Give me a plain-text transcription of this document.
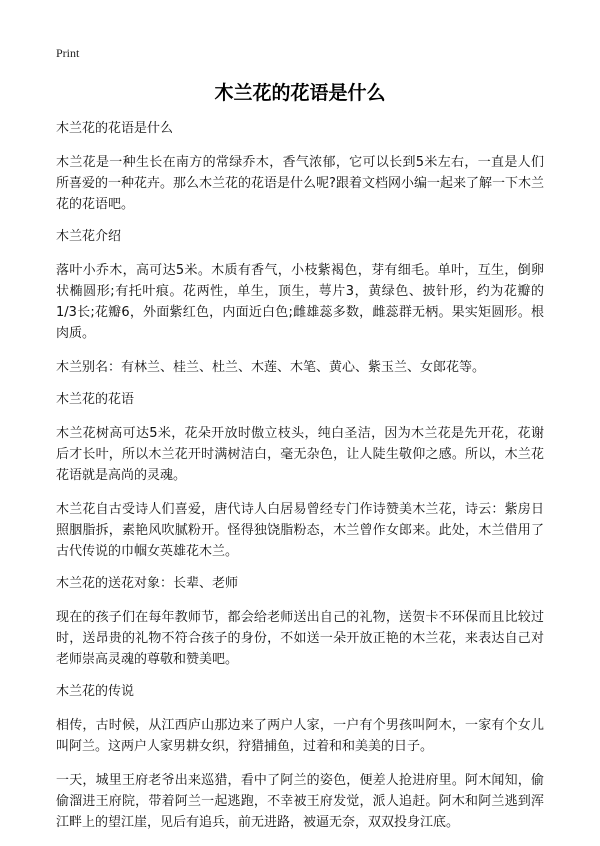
Print
木兰花的花语是什么
木兰花的花语是什么

木兰花是一种生长在南方的常绿乔木，香气浓郁，它可以长到5米左右，一直是人们所喜爱的一种花卉。那么木兰花的花语是什么呢?跟着文档网小编一起来了解一下木兰花的花语吧。

木兰花介绍

落叶小乔木，高可达5米。木质有香气，小枝紫褐色，芽有细毛。单叶，互生，倒卵状椭圆形;有托叶痕。花两性，单生，顶生，萼片3，黄绿色、披针形，约为花瓣的1/3长;花瓣6，外面紫红色，内面近白色;雌雄蕊多数，雌蕊群无柄。果实矩圆形。根肉质。

木兰别名：有林兰、桂兰、杜兰、木莲、木笔、黄心、紫玉兰、女郎花等。

木兰花的花语

木兰花树高可达5米，花朵开放时傲立枝头，纯白圣洁，因为木兰花是先开花，花谢后才长叶，所以木兰花开时满树洁白，毫无杂色，让人陡生敬仰之感。所以，木兰花花语就是高尚的灵魂。

木兰花自古受诗人们喜爱，唐代诗人白居易曾经专门作诗赞美木兰花，诗云：紫房日照胭脂拆，素艳风吹腻粉开。怪得独饶脂粉态，木兰曾作女郎来。此处，木兰借用了古代传说的巾帼女英雄花木兰。

木兰花的送花对象：长辈、老师

现在的孩子们在每年教师节，都会给老师送出自己的礼物，送贺卡不环保而且比较过时，送昂贵的礼物不符合孩子的身份，不如送一朵开放正艳的木兰花，来表达自己对老师崇高灵魂的尊敬和赞美吧。

木兰花的传说

相传，古时候，从江西庐山那边来了两户人家，一户有个男孩叫阿木，一家有个女儿叫阿兰。这两户人家男耕女织，狩猎捕鱼，过着和和美美的日子。

一天，城里王府老爷出来巡猎，看中了阿兰的姿色，便差人抢进府里。阿木闻知，偷偷溜进王府院，带着阿兰一起逃跑，不幸被王府发觉，派人追赶。阿木和阿兰逃到浑江畔上的望江崖，见后有追兵，前无进路，被逼无奈，双双投身江底。
